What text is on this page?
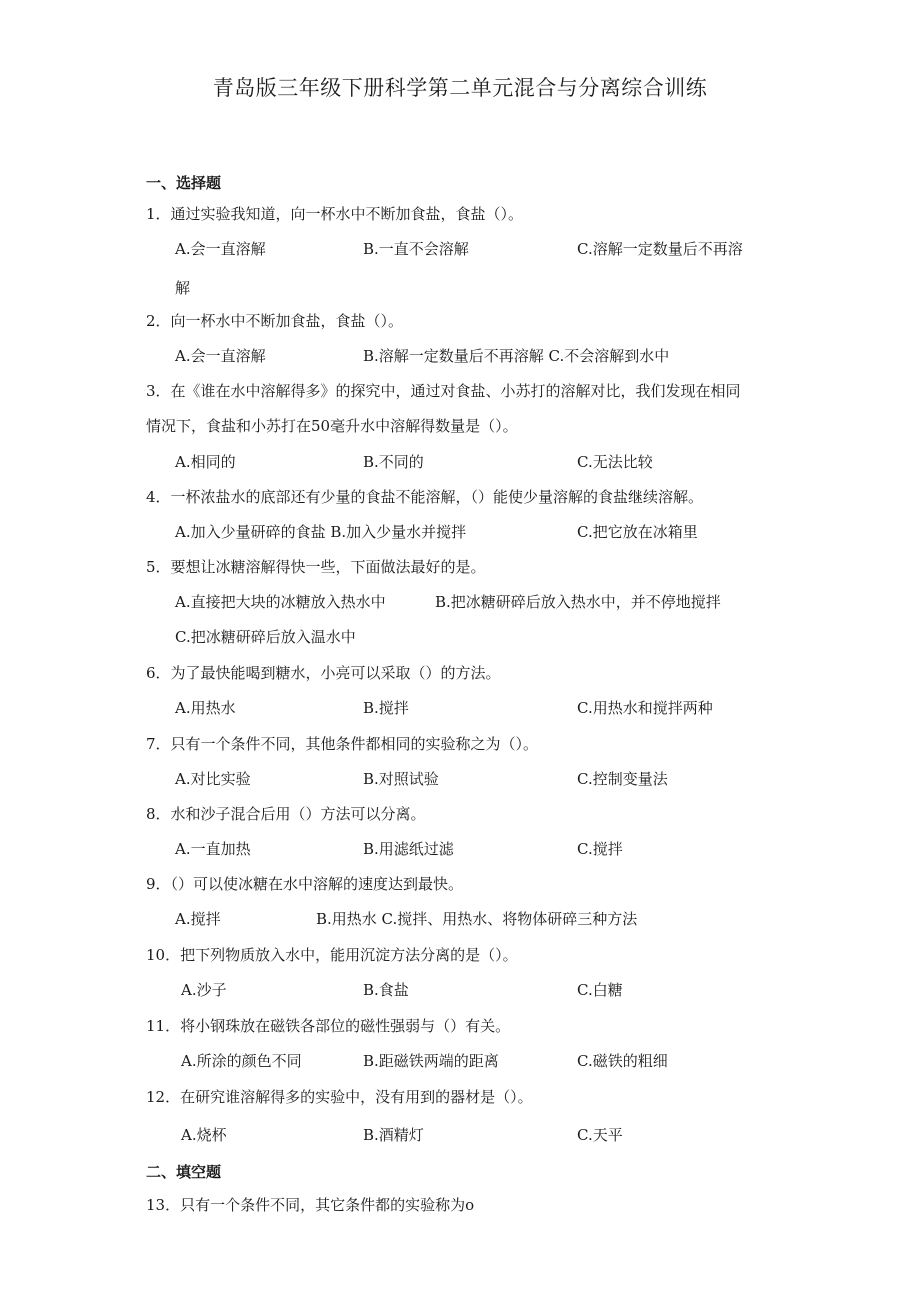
青岛版三年级下册科学第二单元混合与分离综合训练
一、选择题
1．通过实验我知道，向一杯水中不断加食盐，食盐（）。
A.会一直溶解	B.一直不会溶解	C.溶解一定数量后不再溶
解
2．向一杯水中不断加食盐，食盐（）。
A.会一直溶解	B.溶解一定数量后不再溶解 C.不会溶解到水中
3．在《谁在水中溶解得多》的探究中，通过对食盐、小苏打的溶解对比，我们发现在相同
情况下，食盐和小苏打在50毫升水中溶解得数量是（）。
A.相同的	B.不同的	C.无法比较
4．一杯浓盐水的底部还有少量的食盐不能溶解，（）能使少量溶解的食盐继续溶解。
A.加入少量研碎的食盐 B.加入少量水并搅拌	C.把它放在冰箱里
5．要想让冰糖溶解得快一些，下面做法最好的是。
A.直接把大块的冰糖放入热水中	B.把冰糖研碎后放入热水中，并不停地搅拌
C.把冰糖研碎后放入温水中
6．为了最快能喝到糖水，小亮可以采取（）的方法。
A.用热水	B.搅拌	C.用热水和搅拌两种
7．只有一个条件不同，其他条件都相同的实验称之为（）。
A.对比实验	B.对照试验	C.控制变量法
8．水和沙子混合后用（）方法可以分离。
A.一直加热	B.用滤纸过滤	C.搅拌
9．（）可以使冰糖在水中溶解的速度达到最快。
A.搅拌	B.用热水 C.搅拌、用热水、将物体研碎三种方法
10．把下列物质放入水中，能用沉淀方法分离的是（）。
A.沙子	B.食盐	C.白糖
11．将小钢珠放在磁铁各部位的磁性强弱与（）有关。
A.所涂的颜色不同	B.距磁铁两端的距离	C.磁铁的粗细
12．在研究谁溶解得多的实验中，没有用到的器材是（）。
A.烧杯	B.酒精灯	C.天平
二、填空题
13．只有一个条件不同，其它条件都的实验称为o
